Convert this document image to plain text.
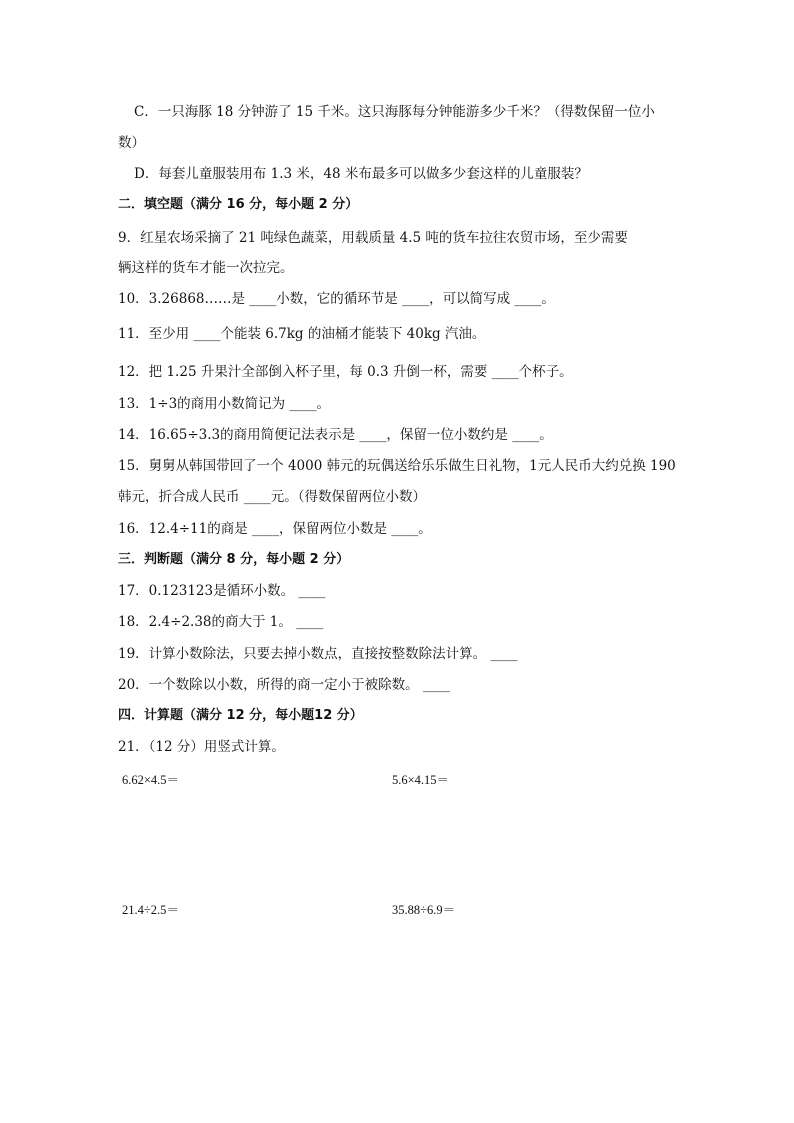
C．一只海豚 18 分钟游了 15 千米。这只海豚每分钟能游多少千米？（得数保留一位小
数）
D．每套儿童服装用布 1.3 米，48 米布最多可以做多少套这样的儿童服装？
二．填空题（满分 16 分，每小题 2 分）
9．红星农场采摘了 21 吨绿色蔬菜，用载质量 4.5 吨的货车拉往农贸市场，至少需要
辆这样的货车才能一次拉完。
10．3.26868……是 ____小数，它的循环节是 ____，可以简写成 ____。
11．至少用 ____个能装 6.7kg 的油桶才能装下 40kg 汽油。
12．把 1.25 升果汁全部倒入杯子里，每 0.3 升倒一杯，需要 ____个杯子。
13．1÷3的商用小数简记为 ____。
14．16.65÷3.3的商用简便记法表示是 ____，保留一位小数约是 ____。
15．舅舅从韩国带回了一个 4000 韩元的玩偶送给乐乐做生日礼物，1元人民币大约兑换 190
韩元，折合成人民币 ____元。（得数保留两位小数）
16．12.4÷11的商是 ____，保留两位小数是 ____。
三．判断题（满分 8 分，每小题 2 分）
17．0.123123是循环小数。 ____
18．2.4÷2.38的商大于 1。 ____
19．计算小数除法，只要去掉小数点，直接按整数除法计算。 ____
20．一个数除以小数，所得的商一定小于被除数。 ____
四．计算题（满分 12 分，每小题12 分）
21．（12 分）用竖式计算。
6.62×4.5＝	5.6×4.15＝
21.4÷2.5＝	35.88÷6.9＝
